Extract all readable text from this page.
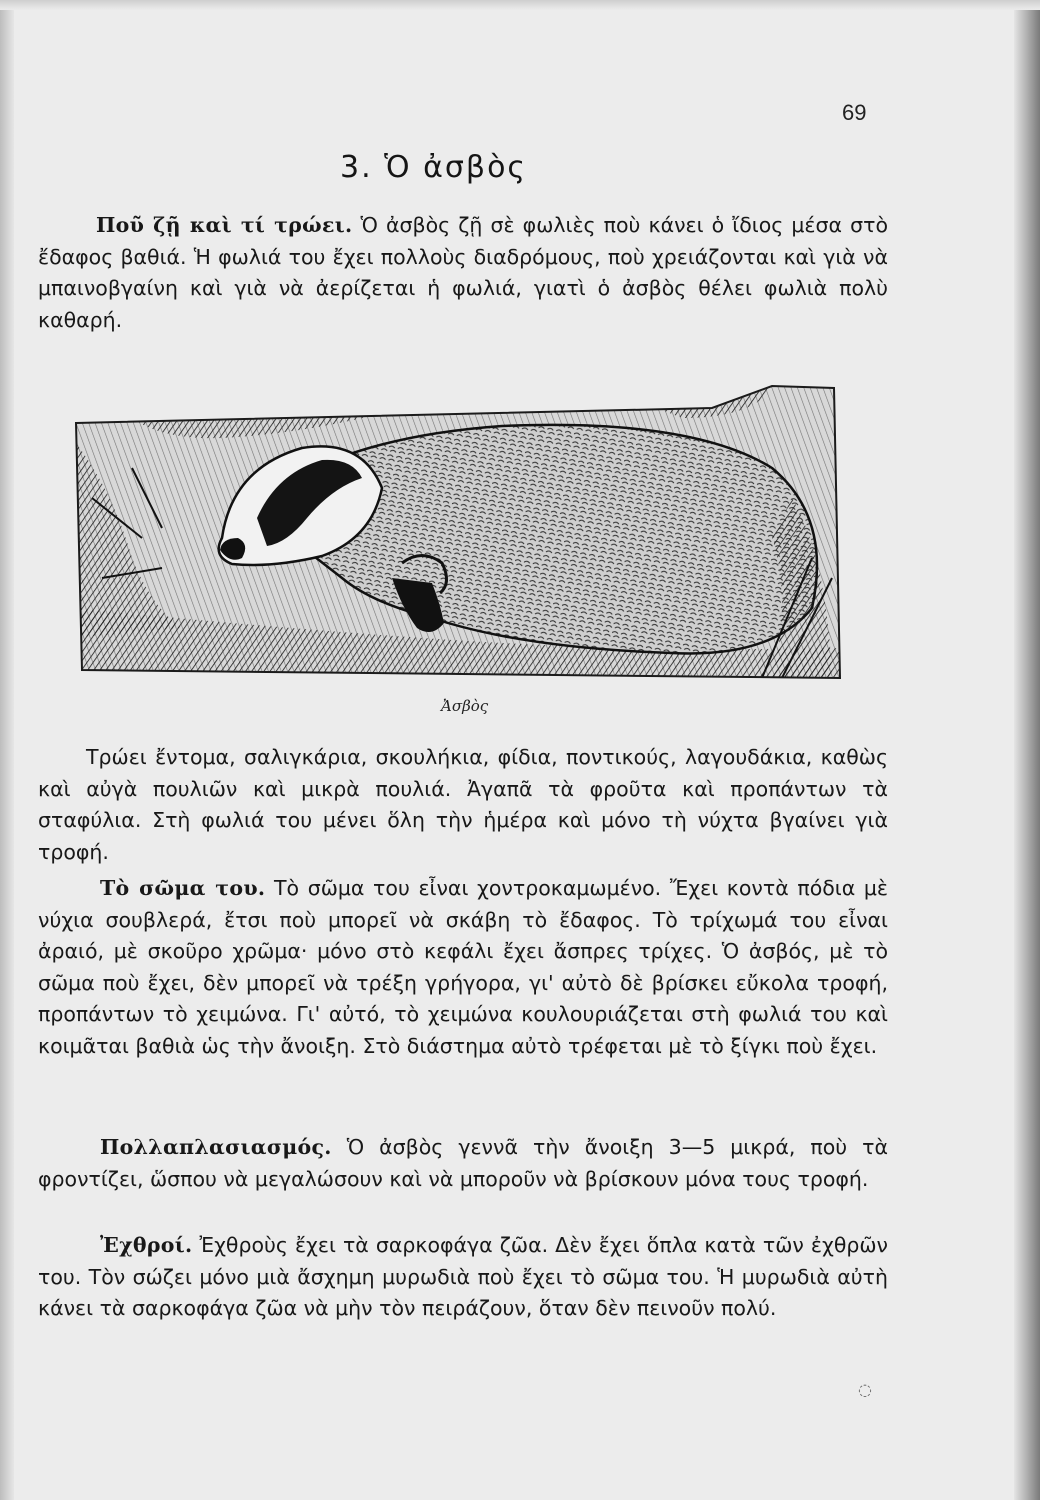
69
3. Ὁ ἀσβὸς

Ποῦ ζῇ καὶ τί τρώει. Ὁ ἀσβὸς ζῇ σὲ φωλιὲς ποὺ κάνει ὁ ἴδιος μέσα στὸ ἔδαφος βαθιά. Ἡ φωλιά του ἔχει πολλοὺς διαδρόμους, ποὺ χρειάζονται καὶ γιὰ νὰ μπαινοβγαίνη καὶ γιὰ νὰ ἀερίζεται ἡ φωλιά, γιατὶ ὁ ἀσβὸς θέλει φωλιὰ πολὺ καθαρή.

Ἀσβὸς

Τρώει ἔντομα, σαλιγκάρια, σκουλήκια, φίδια, ποντικούς, λαγουδάκια, καθὼς καὶ αὐγὰ πουλιῶν καὶ μικρὰ πουλιά. Ἀγαπᾶ τὰ φροῦτα καὶ προπάντων τὰ σταφύλια. Στὴ φωλιά του μένει ὅλη τὴν ἡμέρα καὶ μόνο τὴ νύχτα βγαίνει γιὰ τροφή.

Τὸ σῶμα του. Τὸ σῶμα του εἶναι χοντροκαμωμένο. Ἔχει κοντὰ πόδια μὲ νύχια σουβλερά, ἔτσι ποὺ μπορεῖ νὰ σκάβη τὸ ἔδαφος. Τὸ τρίχωμά του εἶναι ἀραιό, μὲ σκοῦρο χρῶμα· μόνο στὸ κεφάλι ἔχει ἄσπρες τρίχες. Ὁ ἀσβός, μὲ τὸ σῶμα ποὺ ἔχει, δὲν μπορεῖ νὰ τρέξη γρήγορα, γι' αὐτὸ δὲ βρίσκει εὔκολα τροφή, προπάντων τὸ χειμώνα. Γι' αὐτό, τὸ χειμώνα κουλουριάζεται στὴ φωλιά του καὶ κοιμᾶται βαθιὰ ὡς τὴν ἄνοιξη. Στὸ διάστημα αὐτὸ τρέφεται μὲ τὸ ξίγκι ποὺ ἔχει.

Πολλαπλασιασμός. Ὁ ἀσβὸς γεννᾶ τὴν ἄνοιξη 3—5 μικρά, ποὺ τὰ φροντίζει, ὥσπου νὰ μεγαλώσουν καὶ νὰ μποροῦν νὰ βρίσκουν μόνα τους τροφή.

Ἐχθροί. Ἐχθροὺς ἔχει τὰ σαρκοφάγα ζῶα. Δὲν ἔχει ὅπλα κατὰ τῶν ἐχθρῶν του. Τὸν σώζει μόνο μιὰ ἄσχημη μυρωδιὰ ποὺ ἔχει τὸ σῶμα του. Ἡ μυρωδιὰ αὐτὴ κάνει τὰ σαρκοφάγα ζῶα νὰ μὴν τὸν πειράζουν, ὅταν δὲν πεινοῦν πολύ.

◌
